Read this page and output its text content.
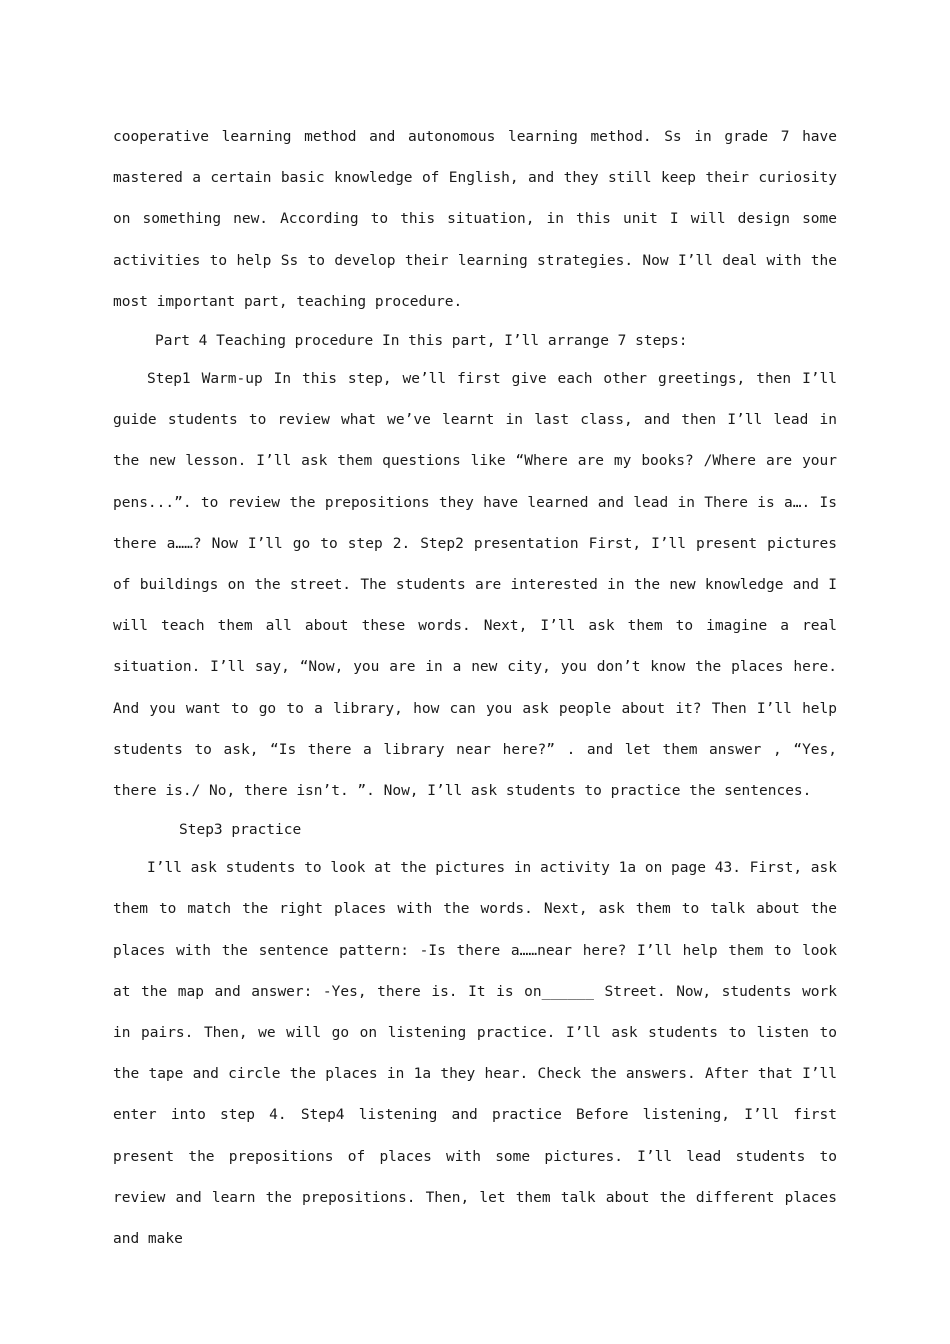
cooperative learning method and autonomous learning method. Ss in grade 7 have mastered a certain basic knowledge of English, and they still keep their curiosity on something new. According to this situation, in this unit I will design some activities to help Ss to develop their learning strategies. Now I’ll deal with the most important part, teaching procedure.

Part 4 Teaching procedure In this part, I’ll arrange 7 steps:

Step1 Warm-up In this step, we’ll first give each other greetings, then I’ll guide students to review what we’ve learnt in last class, and then I’ll lead in the new lesson. I’ll ask them questions like “Where are my books? /Where are your pens...”. to review the prepositions they have learned and lead in There is a…. Is there a……? Now I’ll go to step 2. Step2 presentation First, I’ll present pictures of buildings on the street. The students are interested in the new knowledge and I will teach them all about these words. Next, I’ll ask them to imagine a real situation. I’ll say, “Now, you are in a new city, you don’t know the places here. And you want to go to a library, how can you ask people about it? Then I’ll help students to ask, “Is there a library near here?” . and let them answer , “Yes, there is./ No, there isn’t. ”. Now, I’ll ask students to practice the sentences.

Step3 practice

I’ll ask students to look at the pictures in activity 1a on page 43. First, ask them to match the right places with the words. Next, ask them to talk about the places with the sentence pattern: -Is there a……near here? I’ll help them to look at the map and answer: -Yes, there is. It is on______ Street. Now, students work in pairs. Then, we will go on listening practice. I’ll ask students to listen to the tape and circle the places in 1a they hear. Check the answers. After that I’ll enter into step 4. Step4 listening and practice Before listening, I’ll first present the prepositions of places with some pictures. I’ll lead students to review and learn the prepositions. Then, let them talk about the different places and make
